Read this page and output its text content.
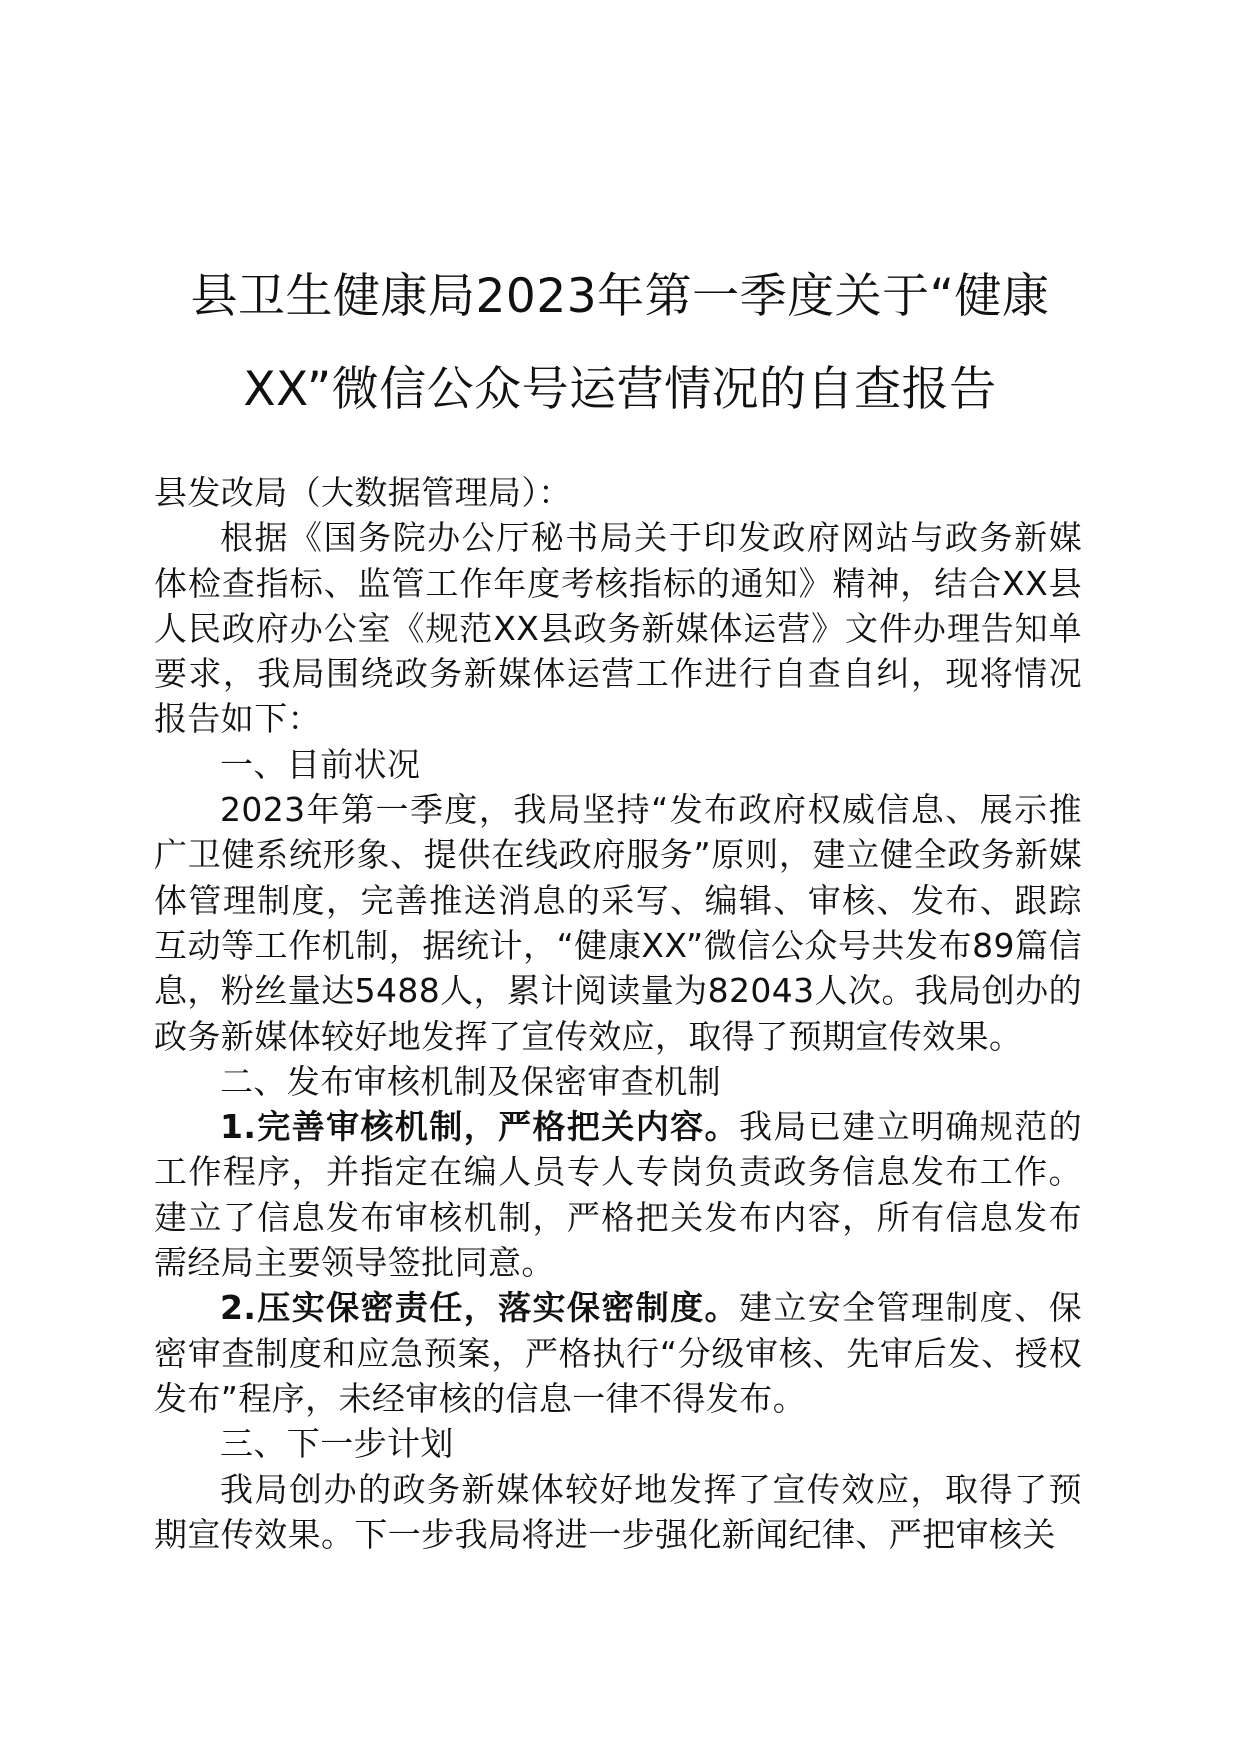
县卫生健康局2023年第一季度关于“健康
XX”微信公众号运营情况的自查报告

县发改局（大数据管理局）：

根据《国务院办公厅秘书局关于印发政府网站与政务新媒体检查指标、监管工作年度考核指标的通知》精神，结合XX县人民政府办公室《规范XX县政务新媒体运营》文件办理告知单要求，我局围绕政务新媒体运营工作进行自查自纠，现将情况报告如下：

一、目前状况

2023年第一季度，我局坚持“发布政府权威信息、展示推广卫健系统形象、提供在线政府服务”原则，建立健全政务新媒体管理制度，完善推送消息的采写、编辑、审核、发布、跟踪互动等工作机制，据统计，“健康XX”微信公众号共发布89篇信息，粉丝量达5488人，累计阅读量为82043人次。我局创办的政务新媒体较好地发挥了宣传效应，取得了预期宣传效果。

二、发布审核机制及保密审查机制

1.完善审核机制，严格把关内容。我局已建立明确规范的工作程序，并指定在编人员专人专岗负责政务信息发布工作。建立了信息发布审核机制，严格把关发布内容，所有信息发布需经局主要领导签批同意。

2.压实保密责任，落实保密制度。建立安全管理制度、保密审查制度和应急预案，严格执行“分级审核、先审后发、授权发布”程序，未经审核的信息一律不得发布。

三、下一步计划

我局创办的政务新媒体较好地发挥了宣传效应，取得了预期宣传效果。下一步我局将进一步强化新闻纪律、严把审核关
